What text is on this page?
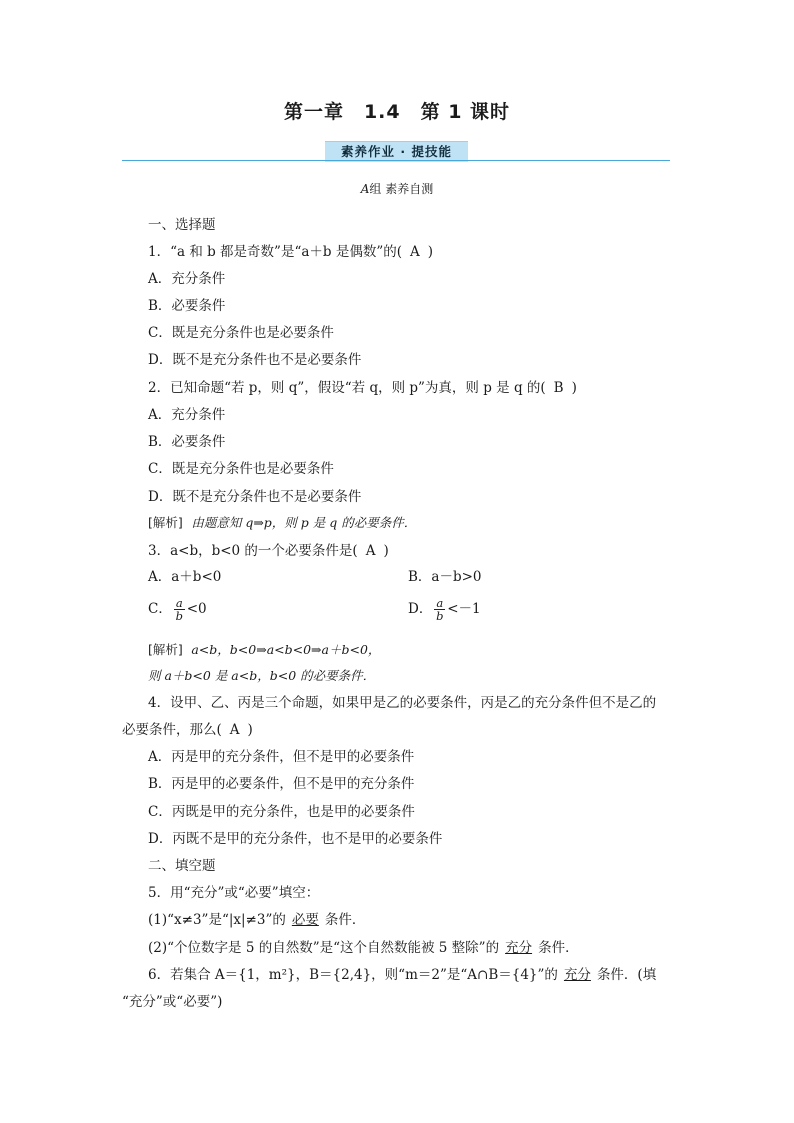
第一章　1.4　第 1 课时
素养作业 · 提技能
A组 素养自测
一、选择题
1．“a 和 b 都是奇数”是“a＋b 是偶数”的( A )
A．充分条件
B．必要条件
C．既是充分条件也是必要条件
D．既不是充分条件也不是必要条件
2．已知命题“若 p，则 q”，假设“若 q，则 p”为真，则 p 是 q 的( B )
A．充分条件
B．必要条件
C．既是充分条件也是必要条件
D．既不是充分条件也不是必要条件
[解析] 由题意知 q⇒p，则 p 是 q 的必要条件．
3．a<b，b<0 的一个必要条件是( A )
A．a＋b<0	B．a－b>0
C． $\frac{a}{b} <0$	D． $\frac{a}{b} <-1$
[解析] a<b，b<0⇒a<b<0⇒a＋b<0，
则 a＋b<0 是 a<b，b<0 的必要条件．
4．设甲、乙、丙是三个命题，如果甲是乙的必要条件，丙是乙的充分条件但不是乙的
必要条件，那么( A )
A．丙是甲的充分条件，但不是甲的必要条件
B．丙是甲的必要条件，但不是甲的充分条件
C．丙既是甲的充分条件，也是甲的必要条件
D．丙既不是甲的充分条件，也不是甲的必要条件
二、填空题
5．用“充分”或“必要”填空：
(1)“x≠3”是“|x|≠3”的 必要 条件．
(2)“个位数字是 5 的自然数”是“这个自然数能被 5 整除”的 充分 条件．
6．若集合 A＝{1，m²}，B＝{2,4}，则“m＝2”是“A∩B＝{4}”的 充分 条件．(填
“充分”或“必要”)
